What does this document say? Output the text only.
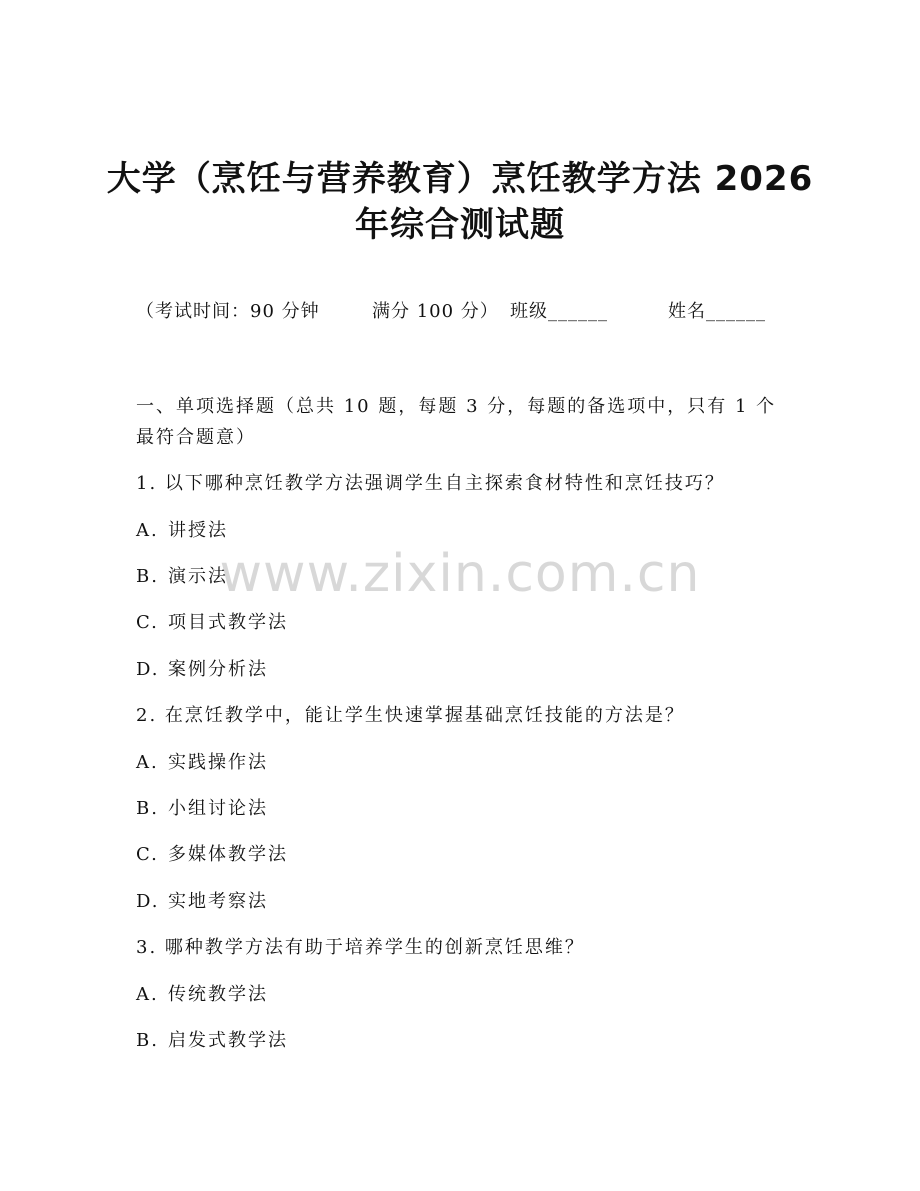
大学（烹饪与营养教育）烹饪教学方法 2026
年综合测试题
（考试时间：90 分钟	满分 100 分） 班级______	姓名______
一、单项选择题（总共 10 题，每题 3 分，每题的备选项中，只有 1 个
最符合题意）
1. 以下哪种烹饪教学方法强调学生自主探索食材特性和烹饪技巧？
A. 讲授法
B. 演示法
C. 项目式教学法
D. 案例分析法
2. 在烹饪教学中，能让学生快速掌握基础烹饪技能的方法是？
A. 实践操作法
B. 小组讨论法
C. 多媒体教学法
D. 实地考察法
3. 哪种教学方法有助于培养学生的创新烹饪思维？
A. 传统教学法
B. 启发式教学法
www.zixin.com.cn
